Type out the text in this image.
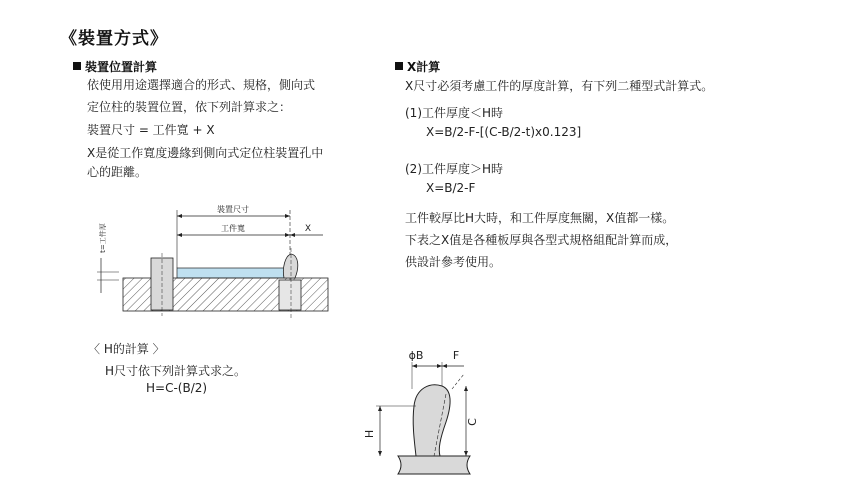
《裝置方式》
裝置位置計算
依使用用途選擇適合的形式、規格，側向式
定位柱的裝置位置，依下列計算求之：
裝置尺寸 = 工件寬 + X
X是從工作寬度邊緣到側向式定位柱裝置孔中
心的距離。
t=工件厚
裝置尺寸
工件寬	X
〈 H的計算 〉
H尺寸依下列計算式求之。
H=C-(B/2)
X計算
X尺寸必須考慮工件的厚度計算，有下列二種型式計算式。
(1)工件厚度＜H時
X=B/2-F-[(C-B/2-t)x0.123]
(2)工件厚度＞H時
X=B/2-F
工件較厚比H大時，和工件厚度無關，X值都一樣。
下表之X值是各種板厚與各型式規格組配計算而成，
供設計參考使用。
ϕB	F
H
C
